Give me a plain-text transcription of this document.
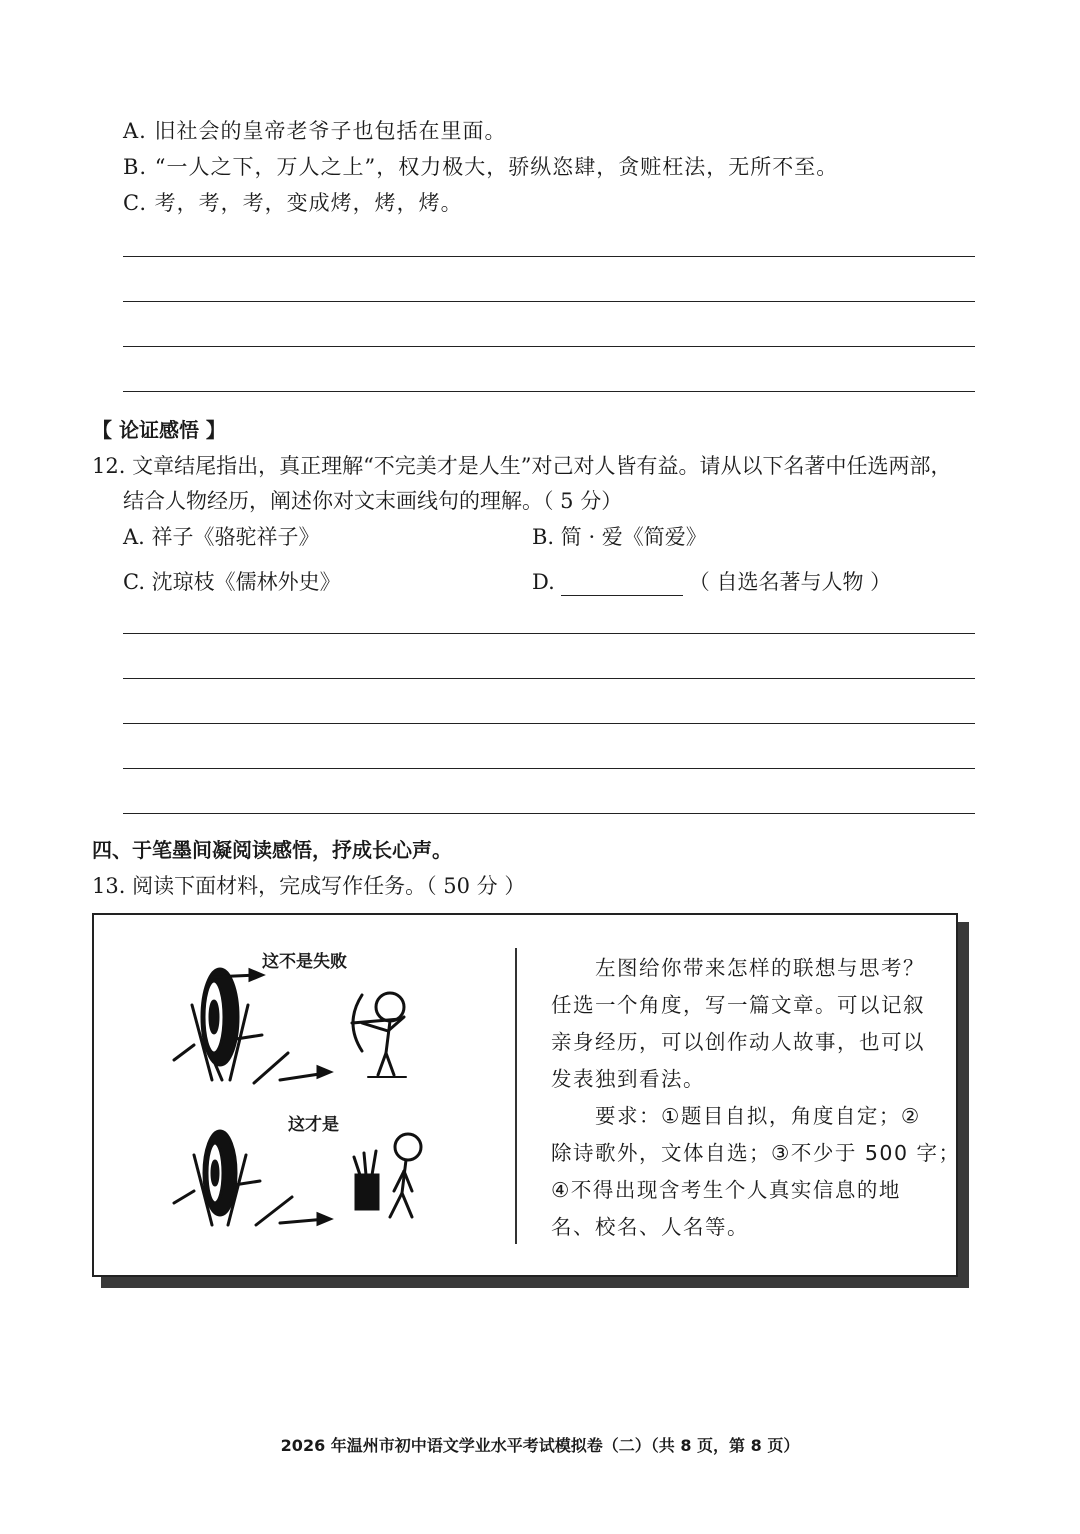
A. 旧社会的皇帝老爷子也包括在里面。
B. “一人之下，万人之上”，权力极大，骄纵恣肆，贪赃枉法，无所不至。
C. 考，考，考，变成烤，烤，烤。
【 论证感悟 】
12. 文章结尾指出，真正理解“不完美才是人生”对己对人皆有益。请从以下名著中任选两部，
结合人物经历，阐述你对文末画线句的理解。（ 5 分）
A. 祥子《骆驼祥子》	B. 简 · 爱《简爱》
C. 沈琼枝《儒林外史》	D.	（ 自选名著与人物 ）
四、于笔墨间凝阅读感悟，抒成长心声。
13. 阅读下面材料，完成写作任务。（ 50 分 ）
这不是失败
这才是
左图给你带来怎样的联想与思考？
任选一个角度，写一篇文章。可以记叙
亲身经历，可以创作动人故事，也可以
发表独到看法。
要求：①题目自拟，角度自定；②
除诗歌外，文体自选；③不少于 500 字；
④不得出现含考生个人真实信息的地
名、校名、人名等。
2026 年温州市初中语文学业水平考试模拟卷（二）（共 8 页，第 8 页）
